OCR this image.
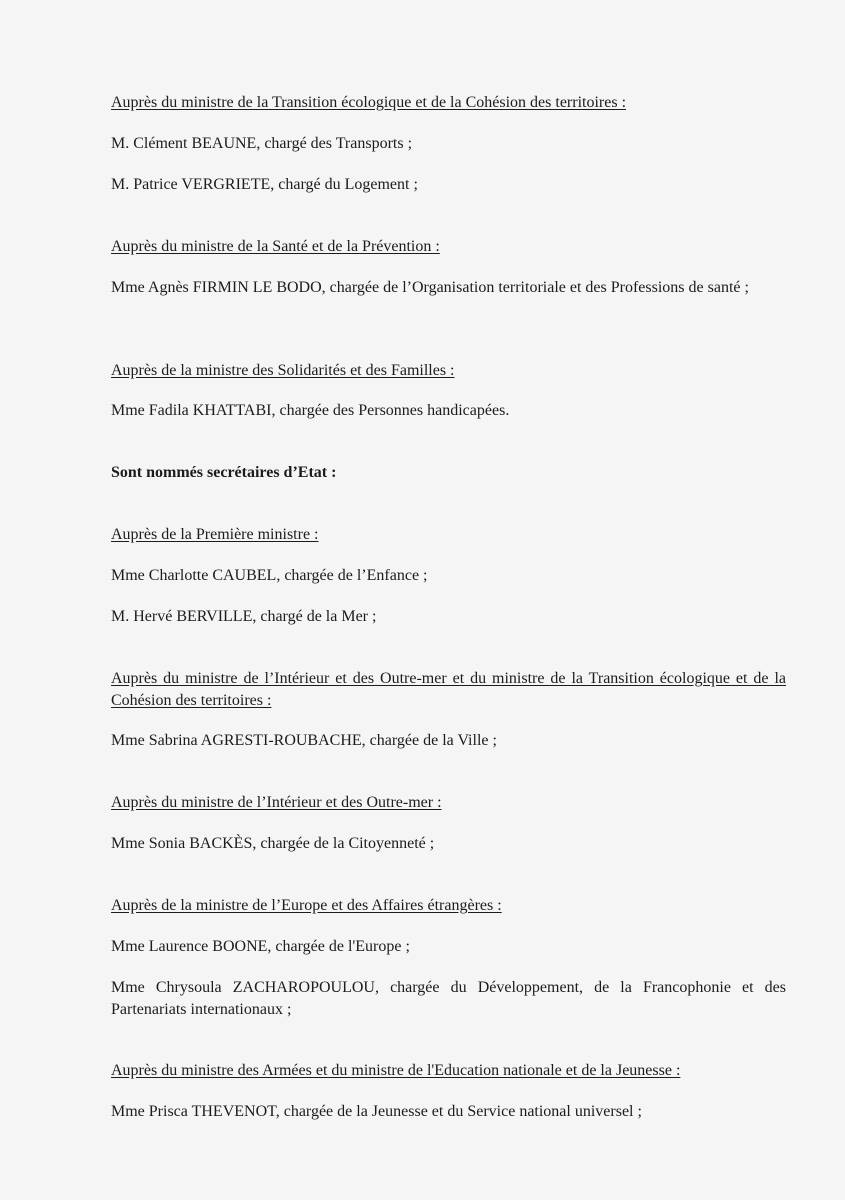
Auprès du ministre de la Transition écologique et de la Cohésion des territoires :

M. Clément BEAUNE, chargé des Transports ;

M. Patrice VERGRIETE, chargé du Logement ;

Auprès du ministre de la Santé et de la Prévention :

Mme Agnès FIRMIN LE BODO, chargée de l’Organisation territoriale et des Professions de santé ;

Auprès de la ministre des Solidarités et des Familles :

Mme Fadila KHATTABI, chargée des Personnes handicapées.

Sont nommés secrétaires d’Etat :

Auprès de la Première ministre :

Mme Charlotte CAUBEL, chargée de l’Enfance ;

M. Hervé BERVILLE, chargé de la Mer ;

Auprès du ministre de l’Intérieur et des Outre-mer et du ministre de la Transition écologique et de la Cohésion des territoires :

Mme Sabrina AGRESTI-ROUBACHE, chargée de la Ville ;

Auprès du ministre de l’Intérieur et des Outre-mer :

Mme Sonia BACKÈS, chargée de la Citoyenneté ;

Auprès de la ministre de l’Europe et des Affaires étrangères :

Mme Laurence BOONE, chargée de l'Europe ;

Mme Chrysoula ZACHAROPOULOU, chargée du Développement, de la Francophonie et des Partenariats internationaux ;

Auprès du ministre des Armées et du ministre de l'Education nationale et de la Jeunesse :

Mme Prisca THEVENOT, chargée de la Jeunesse et du Service national universel ;
